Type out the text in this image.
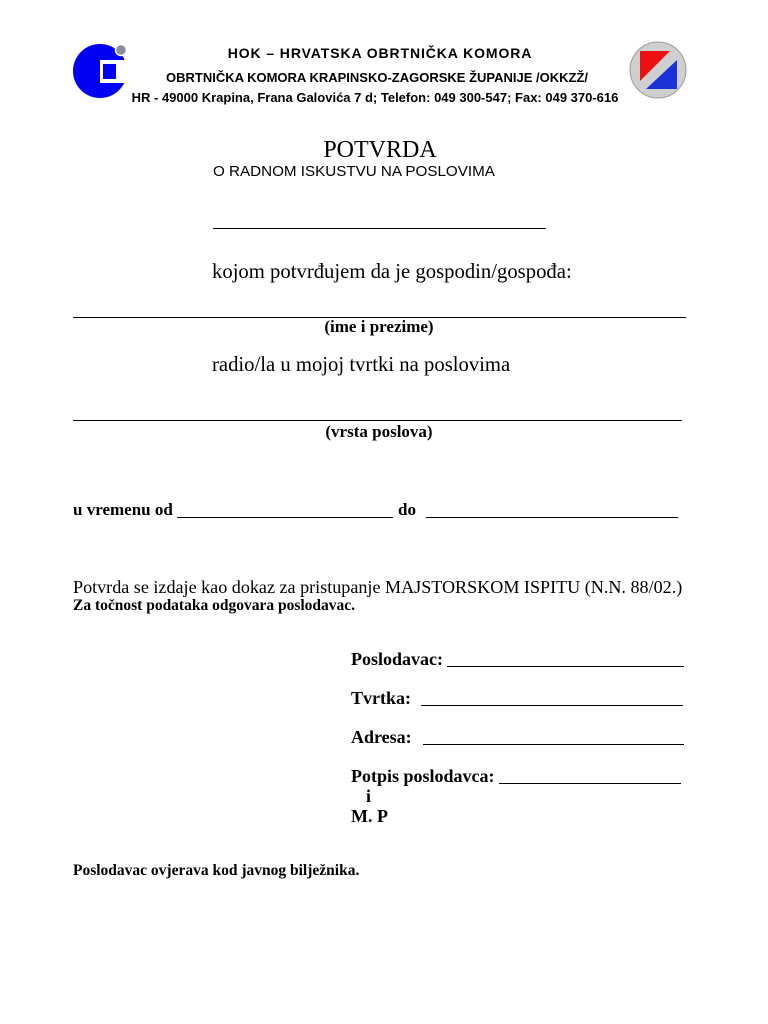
HOK – HRVATSKA OBRTNIČKA KOMORA
OBRTNIČKA KOMORA KRAPINSKO-ZAGORSKE ŽUPANIJE /OKKZŽ/
HR - 49000 Krapina, Frana Galovića 7 d; Telefon: 049 300-547; Fax: 049 370-616
POTVRDA
O RADNOM ISKUSTVU NA POSLOVIMA
kojom potvrđujem da je gospodin/gospođa:
(ime i prezime)
radio/la u mojoj tvrtki na poslovima
(vrsta poslova)
u vremenu od	do
Potvrda se izdaje kao dokaz za pristupanje MAJSTORSKOM ISPITU (N.N. 88/02.)
Za točnost podataka odgovara poslodavac.
Poslodavac:
Tvrtka:
Adresa:
Potpis poslodavca:
i
M. P
Poslodavac ovjerava kod javnog bilježnika.
